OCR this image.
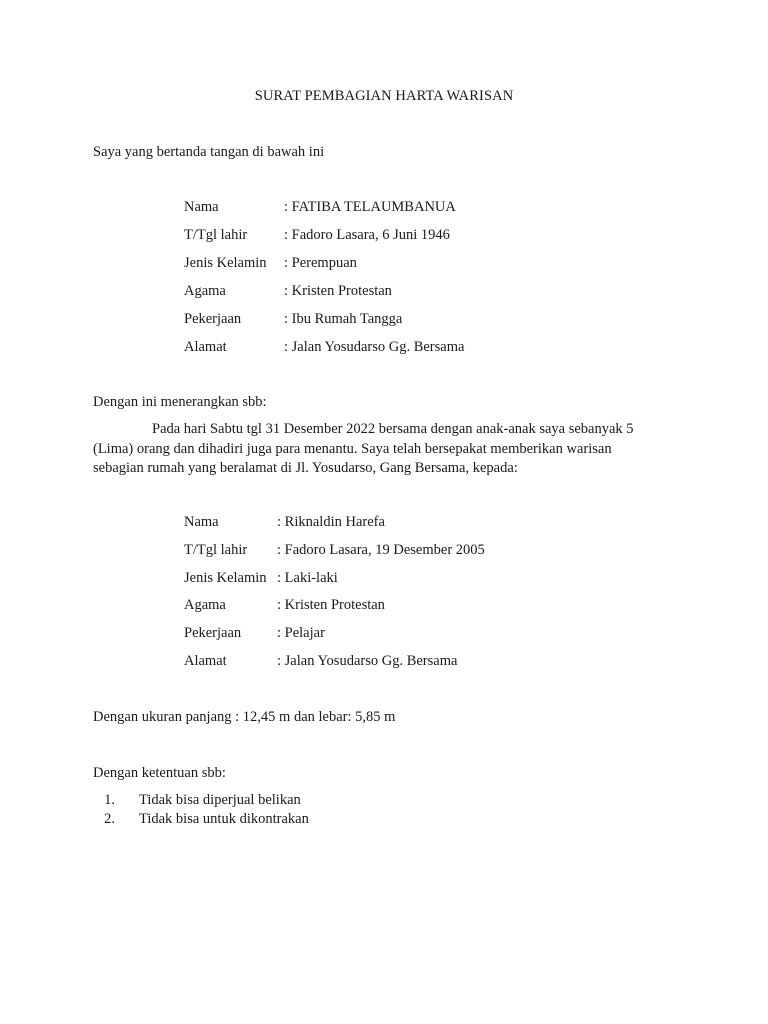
SURAT PEMBAGIAN HARTA WARISAN
Saya yang bertanda tangan di bawah ini
Nama	: FATIBA TELAUMBANUA
T/Tgl lahir	: Fadoro Lasara, 6 Juni 1946
Jenis Kelamin : Perempuan
Agama	: Kristen Protestan
Pekerjaan	: Ibu Rumah Tangga
Alamat	: Jalan Yosudarso Gg. Bersama
Dengan ini menerangkan sbb:
Pada hari Sabtu tgl 31 Desember 2022 bersama dengan anak-anak saya sebanyak 5
(Lima) orang dan dihadiri juga para menantu. Saya telah bersepakat memberikan warisan
sebagian rumah yang beralamat di Jl. Yosudarso, Gang Bersama, kepada:
Nama	: Riknaldin Harefa
T/Tgl lahir : Fadoro Lasara, 19 Desember 2005
Jenis Kelamin : Laki-laki
Agama	: Kristen Protestan
Pekerjaan : Pelajar
Alamat	: Jalan Yosudarso Gg. Bersama
Dengan ukuran panjang : 12,45 m dan lebar: 5,85 m
Dengan ketentuan sbb:
1. Tidak bisa diperjual belikan
2. Tidak bisa untuk dikontrakan
